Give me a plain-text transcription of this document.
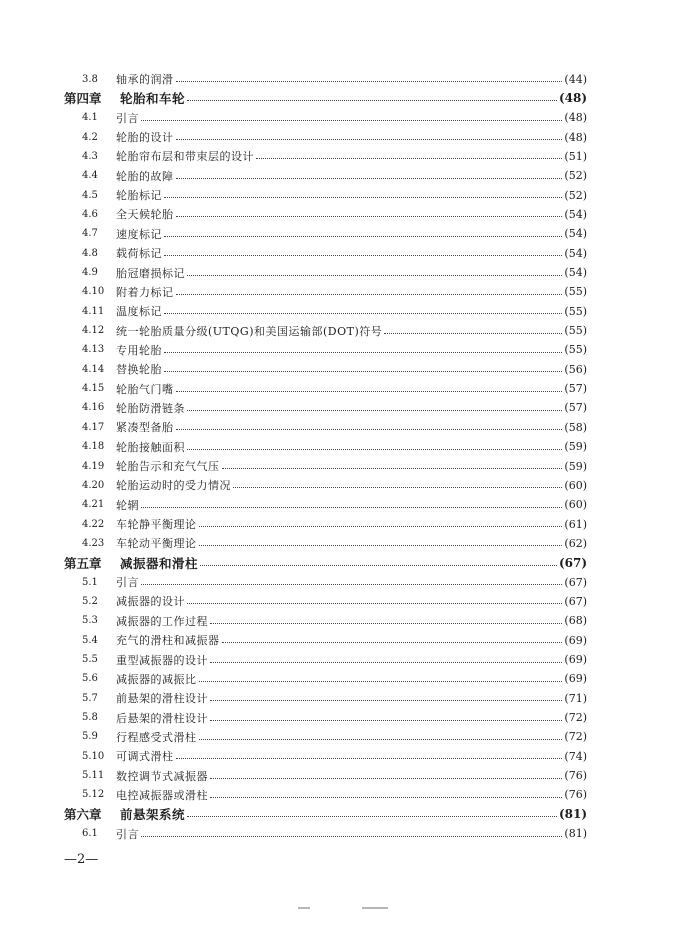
3.8	轴承的润滑	(44)
第四章	轮胎和车轮	(48)
4.1	引言	(48)
4.2	轮胎的设计	(48)
4.3	轮胎帘布层和带束层的设计	(51)
4.4	轮胎的故障	(52)
4.5	轮胎标记	(52)
4.6	全天候轮胎	(54)
4.7	速度标记	(54)
4.8	载荷标记	(54)
4.9	胎冠磨损标记	(54)
4.10	附着力标记	(55)
4.11	温度标记	(55)
4.12	统一轮胎质量分级(UTQG)和美国运输部(DOT)符号	(55)
4.13	专用轮胎	(55)
4.14	替换轮胎	(56)
4.15	轮胎气门嘴	(57)
4.16	轮胎防滑链条	(57)
4.17	紧凑型备胎	(58)
4.18	轮胎接触面积	(59)
4.19	轮胎告示和充气气压	(59)
4.20	轮胎运动时的受力情况	(60)
4.21	轮辋	(60)
4.22	车轮静平衡理论	(61)
4.23	车轮动平衡理论	(62)
第五章	减振器和滑柱	(67)
5.1	引言	(67)
5.2	减振器的设计	(67)
5.3	减振器的工作过程	(68)
5.4	充气的滑柱和减振器	(69)
5.5	重型减振器的设计	(69)
5.6	减振器的减振比	(69)
5.7	前悬架的滑柱设计	(71)
5.8	后悬架的滑柱设计	(72)
5.9	行程感受式滑柱	(72)
5.10	可调式滑柱	(74)
5.11	数控调节式减振器	(76)
5.12	电控减振器或滑柱	(76)
第六章	前悬架系统	(81)
6.1	引言	(81)
—2—
